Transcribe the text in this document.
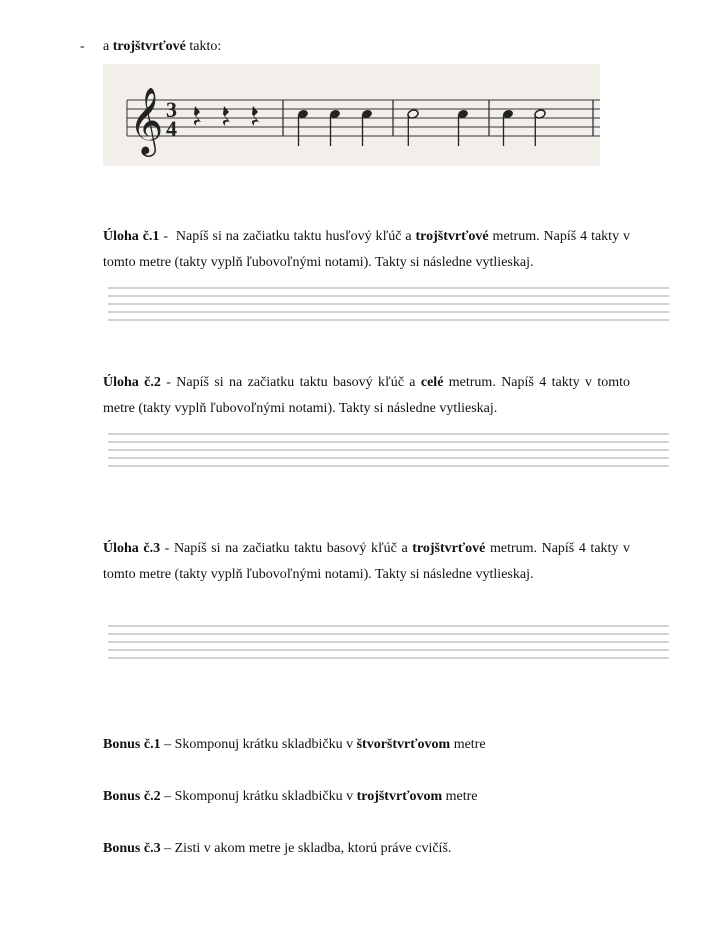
- a trojštvrťové takto:
𝄞 3
4
Úloha č.1 -  Napíš si na začiatku taktu husľový kľúč a trojštvrťové metrum. Napíš 4 takty v tomto metre (takty vyplň ľubovoľnými notami). Takty si následne vytlieskaj.
Úloha č.2 - Napíš si na začiatku taktu basový kľúč a celé metrum. Napíš 4 takty v tomto metre (takty vyplň ľubovoľnými notami). Takty si následne vytlieskaj.
Úloha č.3 - Napíš si na začiatku taktu basový kľúč a trojštvrťové metrum. Napíš 4 takty v tomto metre (takty vyplň ľubovoľnými notami). Takty si následne vytlieskaj.
Bonus č.1 – Skomponuj krátku skladbičku v štvorštvrťovom metre
Bonus č.2 – Skomponuj krátku skladbičku v trojštvrťovom metre
Bonus č.3 – Zisti v akom metre je skladba, ktorú práve cvičíš.
